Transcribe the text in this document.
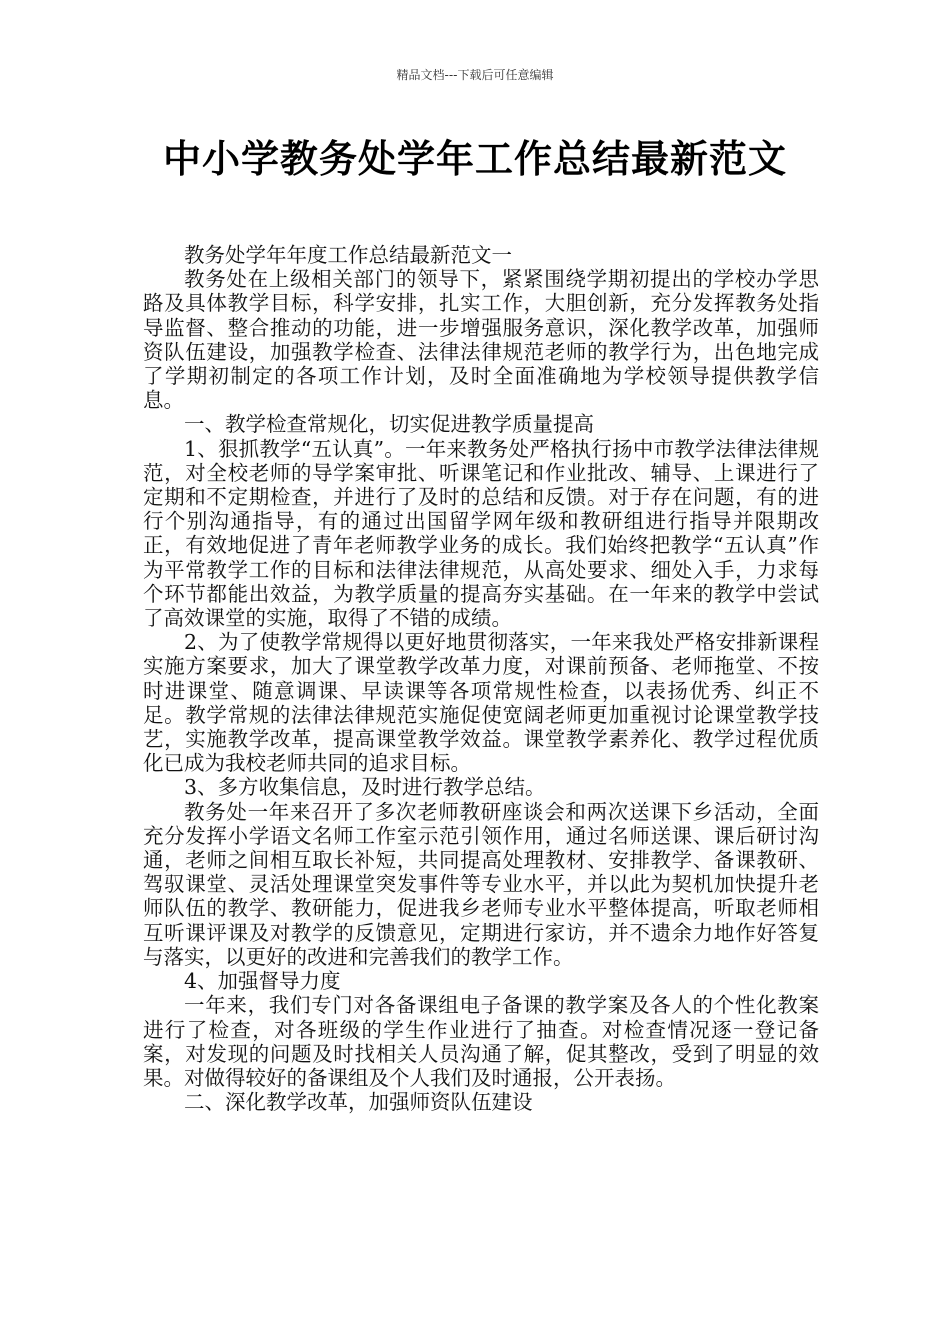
精品文档---下载后可任意编辑
中小学教务处学年工作总结最新范文

教务处学年年度工作总结最新范文一

教务处在上级相关部门的领导下，紧紧围绕学期初提出的学校办学思路及具体教学目标，科学安排，扎实工作，大胆创新，充分发挥教务处指导监督、整合推动的功能，进一步增强服务意识，深化教学改革，加强师资队伍建设，加强教学检查、法律法律规范老师的教学行为，出色地完成了学期初制定的各项工作计划，及时全面准确地为学校领导提供教学信息。

一、教学检查常规化，切实促进教学质量提高

1、狠抓教学“五认真”。一年来教务处严格执行扬中市教学法律法律规范，对全校老师的导学案审批、听课笔记和作业批改、辅导、上课进行了定期和不定期检查，并进行了及时的总结和反馈。对于存在问题，有的进行个别沟通指导，有的通过出国留学网年级和教研组进行指导并限期改正，有效地促进了青年老师教学业务的成长。我们始终把教学“五认真”作为平常教学工作的目标和法律法律规范，从高处要求、细处入手，力求每个环节都能出效益，为教学质量的提高夯实基础。在一年来的教学中尝试了高效课堂的实施，取得了不错的成绩。

2、为了使教学常规得以更好地贯彻落实，一年来我处严格安排新课程实施方案要求，加大了课堂教学改革力度，对课前预备、老师拖堂、不按时进课堂、随意调课、早读课等各项常规性检查，以表扬优秀、纠正不足。教学常规的法律法律规范实施促使宽阔老师更加重视讨论课堂教学技艺，实施教学改革，提高课堂教学效益。课堂教学素养化、教学过程优质化已成为我校老师共同的追求目标。

3、多方收集信息，及时进行教学总结。

教务处一年来召开了多次老师教研座谈会和两次送课下乡活动，全面充分发挥小学语文名师工作室示范引领作用，通过名师送课、课后研讨沟通，老师之间相互取长补短，共同提高处理教材、安排教学、备课教研、驾驭课堂、灵活处理课堂突发事件等专业水平，并以此为契机加快提升老师队伍的教学、教研能力，促进我乡老师专业水平整体提高，听取老师相互听课评课及对教学的反馈意见，定期进行家访，并不遗余力地作好答复与落实，以更好的改进和完善我们的教学工作。

4、加强督导力度

一年来，我们专门对各备课组电子备课的教学案及各人的个性化教案进行了检查，对各班级的学生作业进行了抽查。对检查情况逐一登记备案，对发现的问题及时找相关人员沟通了解，促其整改，受到了明显的效果。对做得较好的备课组及个人我们及时通报，公开表扬。

二、深化教学改革，加强师资队伍建设
